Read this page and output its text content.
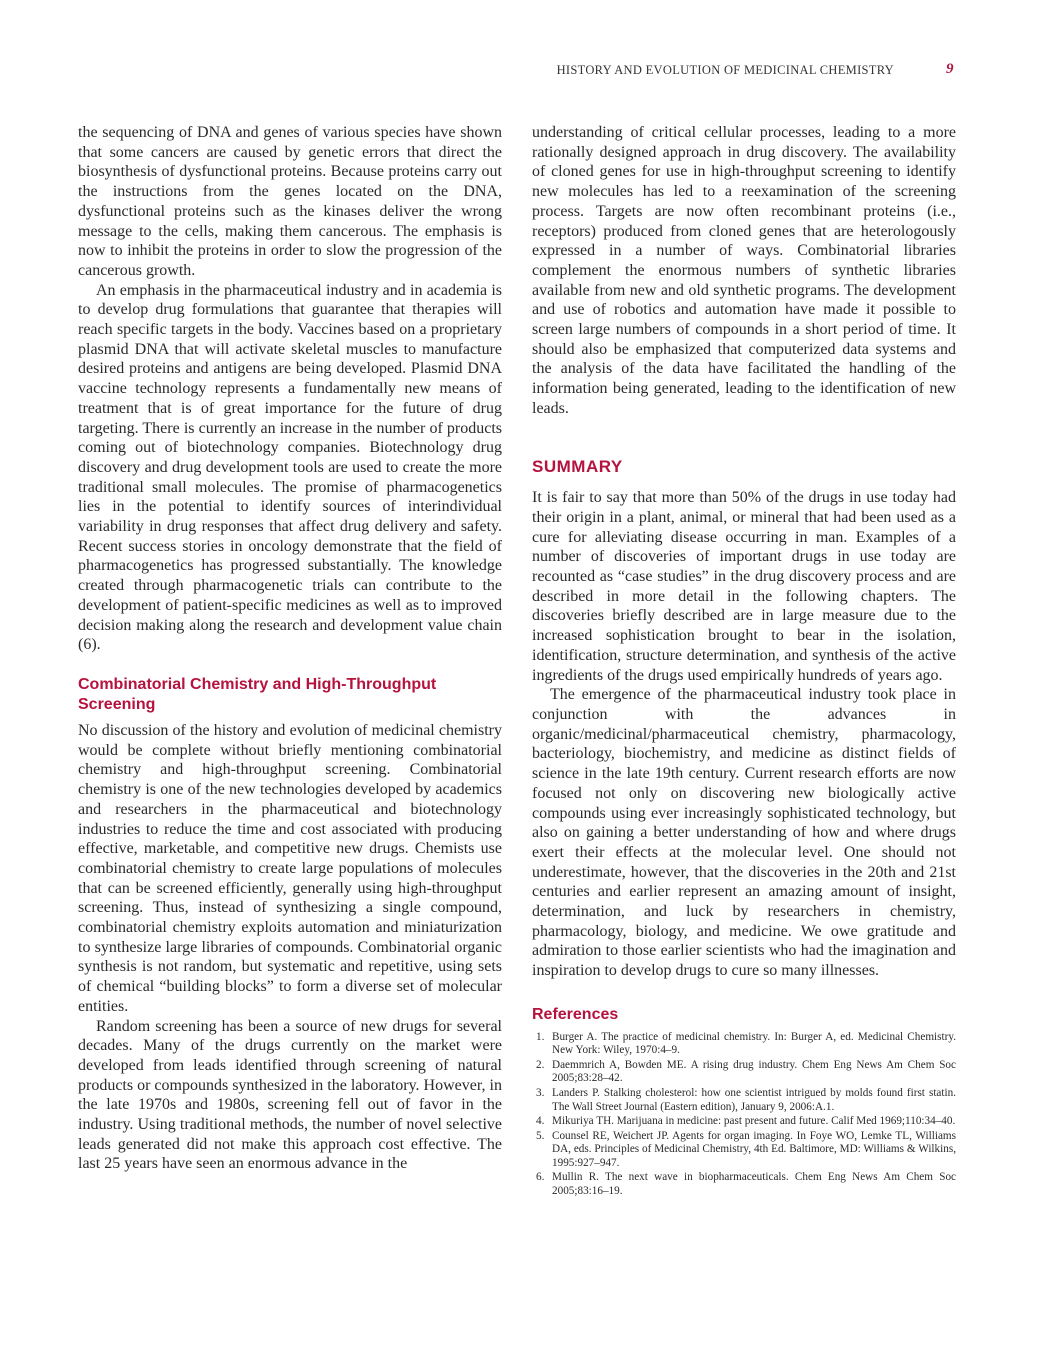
HISTORY AND EVOLUTION OF MEDICINAL CHEMISTRY	9

the sequencing of DNA and genes of various species have shown that some cancers are caused by genetic errors that direct the biosynthesis of dysfunctional proteins. Because proteins carry out the instructions from the genes located on the DNA, dysfunctional proteins such as the kinases deliver the wrong message to the cells, making them cancerous. The emphasis is now to inhibit the proteins in order to slow the progression of the cancerous growth.

An emphasis in the pharmaceutical industry and in academia is to develop drug formulations that guarantee that therapies will reach specific targets in the body. Vaccines based on a proprietary plasmid DNA that will activate skeletal muscles to manufacture desired proteins and antigens are being developed. Plasmid DNA vaccine technology represents a fundamentally new means of treatment that is of great importance for the future of drug targeting. There is currently an increase in the number of products coming out of biotechnology companies. Biotechnology drug discovery and drug development tools are used to create the more traditional small molecules. The promise of pharmacogenetics lies in the potential to identify sources of interindividual variability in drug responses that affect drug delivery and safety. Recent success stories in oncology demonstrate that the field of pharmacogenetics has progressed substantially. The knowledge created through pharmacogenetic trials can contribute to the development of patient-specific medicines as well as to improved decision making along the research and development value chain (6).

Combinatorial Chemistry and High-Throughput Screening

No discussion of the history and evolution of medicinal chemistry would be complete without briefly mentioning combinatorial chemistry and high-throughput screening. Combinatorial chemistry is one of the new technologies developed by academics and researchers in the pharmaceutical and biotechnology industries to reduce the time and cost associated with producing effective, marketable, and competitive new drugs. Chemists use combinatorial chemistry to create large populations of molecules that can be screened efficiently, generally using high-throughput screening. Thus, instead of synthesizing a single compound, combinatorial chemistry exploits automation and miniaturization to synthesize large libraries of compounds. Combinatorial organic synthesis is not random, but systematic and repetitive, using sets of chemical “building blocks” to form a diverse set of molecular entities.

Random screening has been a source of new drugs for several decades. Many of the drugs currently on the market were developed from leads identified through screening of natural products or compounds synthesized in the laboratory. However, in the late 1970s and 1980s, screening fell out of favor in the industry. Using traditional methods, the number of novel selective leads generated did not make this approach cost effective. The last 25 years have seen an enormous advance in the

understanding of critical cellular processes, leading to a more rationally designed approach in drug discovery. The availability of cloned genes for use in high-throughput screening to identify new molecules has led to a reexamination of the screening process. Targets are now often recombinant proteins (i.e., receptors) produced from cloned genes that are heterologously expressed in a number of ways. Combinatorial libraries complement the enormous numbers of synthetic libraries available from new and old synthetic programs. The development and use of robotics and automation have made it possible to screen large numbers of compounds in a short period of time. It should also be emphasized that computerized data systems and the analysis of the data have facilitated the handling of the information being generated, leading to the identification of new leads.

SUMMARY

It is fair to say that more than 50% of the drugs in use today had their origin in a plant, animal, or mineral that had been used as a cure for alleviating disease occurring in man. Examples of a number of discoveries of important drugs in use today are recounted as “case studies” in the drug discovery process and are described in more detail in the following chapters. The discoveries briefly described are in large measure due to the increased sophistication brought to bear in the isolation, identification, structure determination, and synthesis of the active ingredients of the drugs used empirically hundreds of years ago.

The emergence of the pharmaceutical industry took place in conjunction with the advances in organic/medicinal/pharmaceutical chemistry, pharmacology, bacteriology, biochemistry, and medicine as distinct fields of science in the late 19th century. Current research efforts are now focused not only on discovering new biologically active compounds using ever increasingly sophisticated technology, but also on gaining a better understanding of how and where drugs exert their effects at the molecular level. One should not underestimate, however, that the discoveries in the 20th and 21st centuries and earlier represent an amazing amount of insight, determination, and luck by researchers in chemistry, pharmacology, biology, and medicine. We owe gratitude and admiration to those earlier scientists who had the imagination and inspiration to develop drugs to cure so many illnesses.

References
1. Burger A. The practice of medicinal chemistry. In: Burger A, ed. Medicinal Chemistry. New York: Wiley, 1970:4–9.
2. Daemmrich A, Bowden ME. A rising drug industry. Chem Eng News Am Chem Soc 2005;83:28–42.
3. Landers P. Stalking cholesterol: how one scientist intrigued by molds found first statin. The Wall Street Journal (Eastern edition), January 9, 2006:A.1.
4. Mikuriya TH. Marijuana in medicine: past present and future. Calif Med 1969;110:34–40.
5. Counsel RE, Weichert JP. Agents for organ imaging. In Foye WO, Lemke TL, Williams DA, eds. Principles of Medicinal Chemistry, 4th Ed. Baltimore, MD: Williams & Wilkins, 1995:927–947.
6. Mullin R. The next wave in biopharmaceuticals. Chem Eng News Am Chem Soc 2005;83:16–19.
